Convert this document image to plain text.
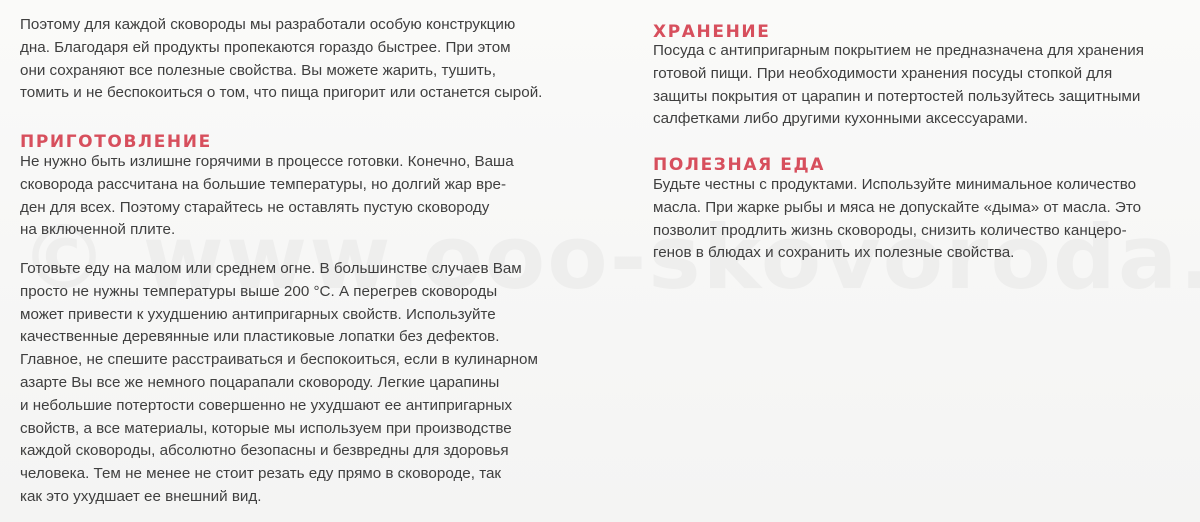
Поэтому для каждой сковороды мы разработали особую конструкцию
дна. Благодаря ей продукты пропекаются гораздо быстрее. При этом
они сохраняют все полезные свойства. Вы можете жарить, тушить,
томить и не беспокоиться о том, что пища пригорит или останется сырой.

ПРИГОТОВЛЕНИЕ

Не нужно быть излишне горячими в процессе готовки. Конечно, Ваша
сковорода рассчитана на большие температуры, но долгий жар вре-
ден для всех. Поэтому старайтесь не оставлять пустую сковороду
на включенной плите.

Готовьте еду на малом или среднем огне. В большинстве случаев Вам
просто не нужны температуры выше 200 °C. А перегрев сковороды
может привести к ухудшению антипригарных свойств. Используйте
качественные деревянные или пластиковые лопатки без дефектов.
Главное, не спешите расстраиваться и беспокоиться, если в кулинарном
азарте Вы все же немного поцарапали сковороду. Легкие царапины
и небольшие потертости совершенно не ухудшают ее антипригарных
свойств, а все материалы, которые мы используем при производстве
каждой сковороды, абсолютно безопасны и безвредны для здоровья
человека. Тем не менее не стоит резать еду прямо в сковороде, так
как это ухудшает ее внешний вид.

ХРАНЕНИЕ

Посуда с антипригарным покрытием не предназначена для хранения
готовой пищи. При необходимости хранения посуды стопкой для
защиты покрытия от царапин и потертостей пользуйтесь защитными
салфетками либо другими кухонными аксессуарами.

ПОЛЕЗНАЯ ЕДА

Будьте честны с продуктами. Используйте минимальное количество
масла. При жарке рыбы и мяса не допускайте «дыма» от масла. Это
позволит продлить жизнь сковороды, снизить количество канцеро-
генов в блюдах и сохранить их полезные свойства.
